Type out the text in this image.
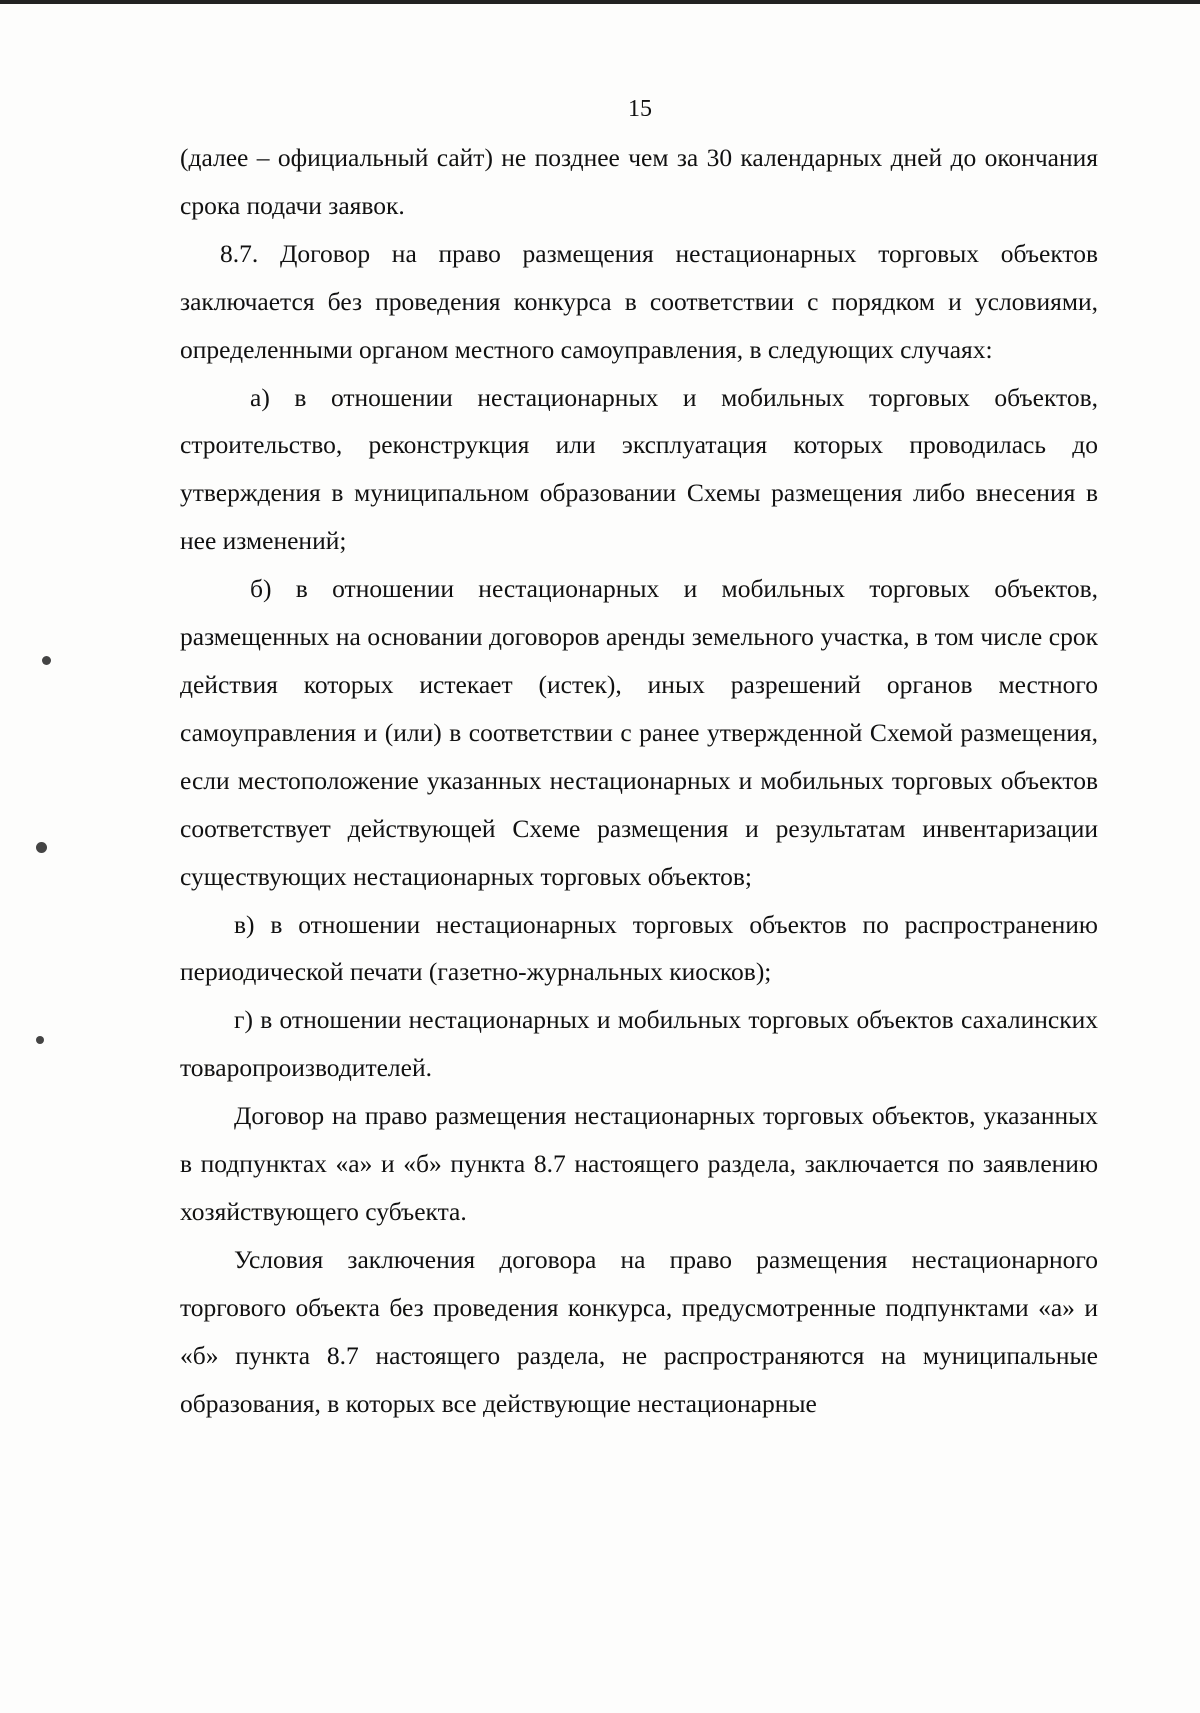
15

(далее – официальный сайт) не позднее чем за 30 календарных дней до окончания срока подачи заявок.

8.7. Договор на право размещения нестационарных торговых объектов заключается без проведения конкурса в соответствии с порядком и условиями, определенными органом местного самоуправления, в следующих случаях:

а) в отношении нестационарных и мобильных торговых объектов, строительство, реконструкция или эксплуатация которых проводилась до утверждения в муниципальном образовании Схемы размещения либо внесения в нее изменений;

б) в отношении нестационарных и мобильных торговых объектов, размещенных на основании договоров аренды земельного участка, в том числе срок действия которых истекает (истек), иных разрешений органов местного самоуправления и (или) в соответствии с ранее утвержденной Схемой размещения, если местоположение указанных нестационарных и мобильных торговых объектов соответствует действующей Схеме размещения и результатам инвентаризации существующих нестационарных торговых объектов;

в) в отношении нестационарных торговых объектов по распространению периодической печати (газетно-журнальных киосков);

г) в отношении нестационарных и мобильных торговых объектов сахалинских товаропроизводителей.

Договор на право размещения нестационарных торговых объектов, указанных в подпунктах «а» и «б» пункта 8.7 настоящего раздела, заключается по заявлению хозяйствующего субъекта.

Условия заключения договора на право размещения нестационарного торгового объекта без проведения конкурса, предусмотренные подпунктами «а» и «б» пункта 8.7 настоящего раздела, не распространяются на муниципальные образования, в которых все действующие нестационарные
